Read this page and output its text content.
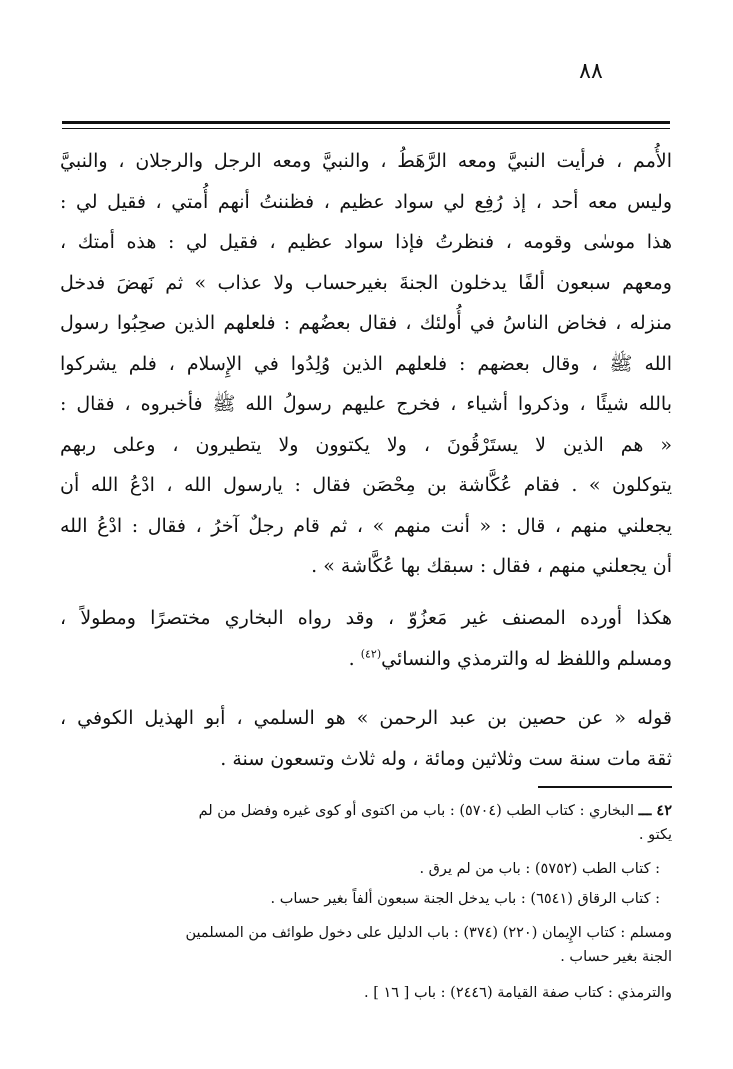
٨٨
الأُمم ، فرأيت النبيَّ ومعه الرَّهَطُ ، والنبيَّ ومعه الرجل والرجلان ، والنبيَّ
وليس معه أحد ، إذ رُفِع لي سواد عظيم ، فظننتُ أنهم أُمتي ، فقيل لي :
هذا موسٰى وقومه ، فنظرتُ فإذا سواد عظيم ، فقيل لي : هذه أمتك ،
ومعهم سبعون ألفًا يدخلون الجنةَ بغيرحساب ولا عذاب » ثم نَهضَ فدخل
منزله ، فخاض الناسُ في أُولئك ، فقال بعضُهم : فلعلهم الذين صحِبُوا رسول
الله ﷺ ، وقال بعضهم : فلعلهم الذين وُلِدُوا في الإِسلام ، فلم يشركوا
بالله شيئًا ، وذكروا أشياء ، فخرج عليهم رسولُ الله ﷺ فأخبروه ، فقال :
« هم الذين لا يستَرْقُونَ ، ولا يكتوون ولا يتطيرون ، وعلى ربهم
يتوكلون » . فقام عُكَّاشة بن مِحْصَن فقال : يارسول الله ، ادْعُ الله أن
يجعلني منهم ، قال : « أنت منهم » ، ثم قام رجلٌ آخرُ ، فقال : ادْعُ الله
أن يجعلني منهم ، فقال : سبقك بها عُكَّاشة » .
هكذا أورده المصنف غير مَعزُوّ ، وقد رواه البخاري مختصرًا ومطولاً ،
ومسلم واللفظ له والترمذي والنسائي$^{(٤٢)}$ .
قوله « عن حصين بن عبد الرحمن » هو السلمي ، أبو الهذيل الكوفي ،
ثقة مات سنة ست وثلاثين ومائة ، وله ثلاث وتسعون سنة .
٤٢ ـــ البخاري : كتاب الطب (٥٧٠٤) : باب من اكتوى أو كوى غيره وفضل من لم
يكتو .
: كتاب الطب (٥٧٥٢) : باب من لم يرق .
: كتاب الرقاق (٦٥٤١) : باب يدخل الجنة سبعون ألفاً بغير حساب .
ومسلم : كتاب الإِيمان (٢٢٠) (٣٧٤) : باب الدليل على دخول طوائف من المسلمين
الجنة بغير حساب .
والترمذي : كتاب صفة القيامة (٢٤٤٦) : باب [ ١٦ ] .
